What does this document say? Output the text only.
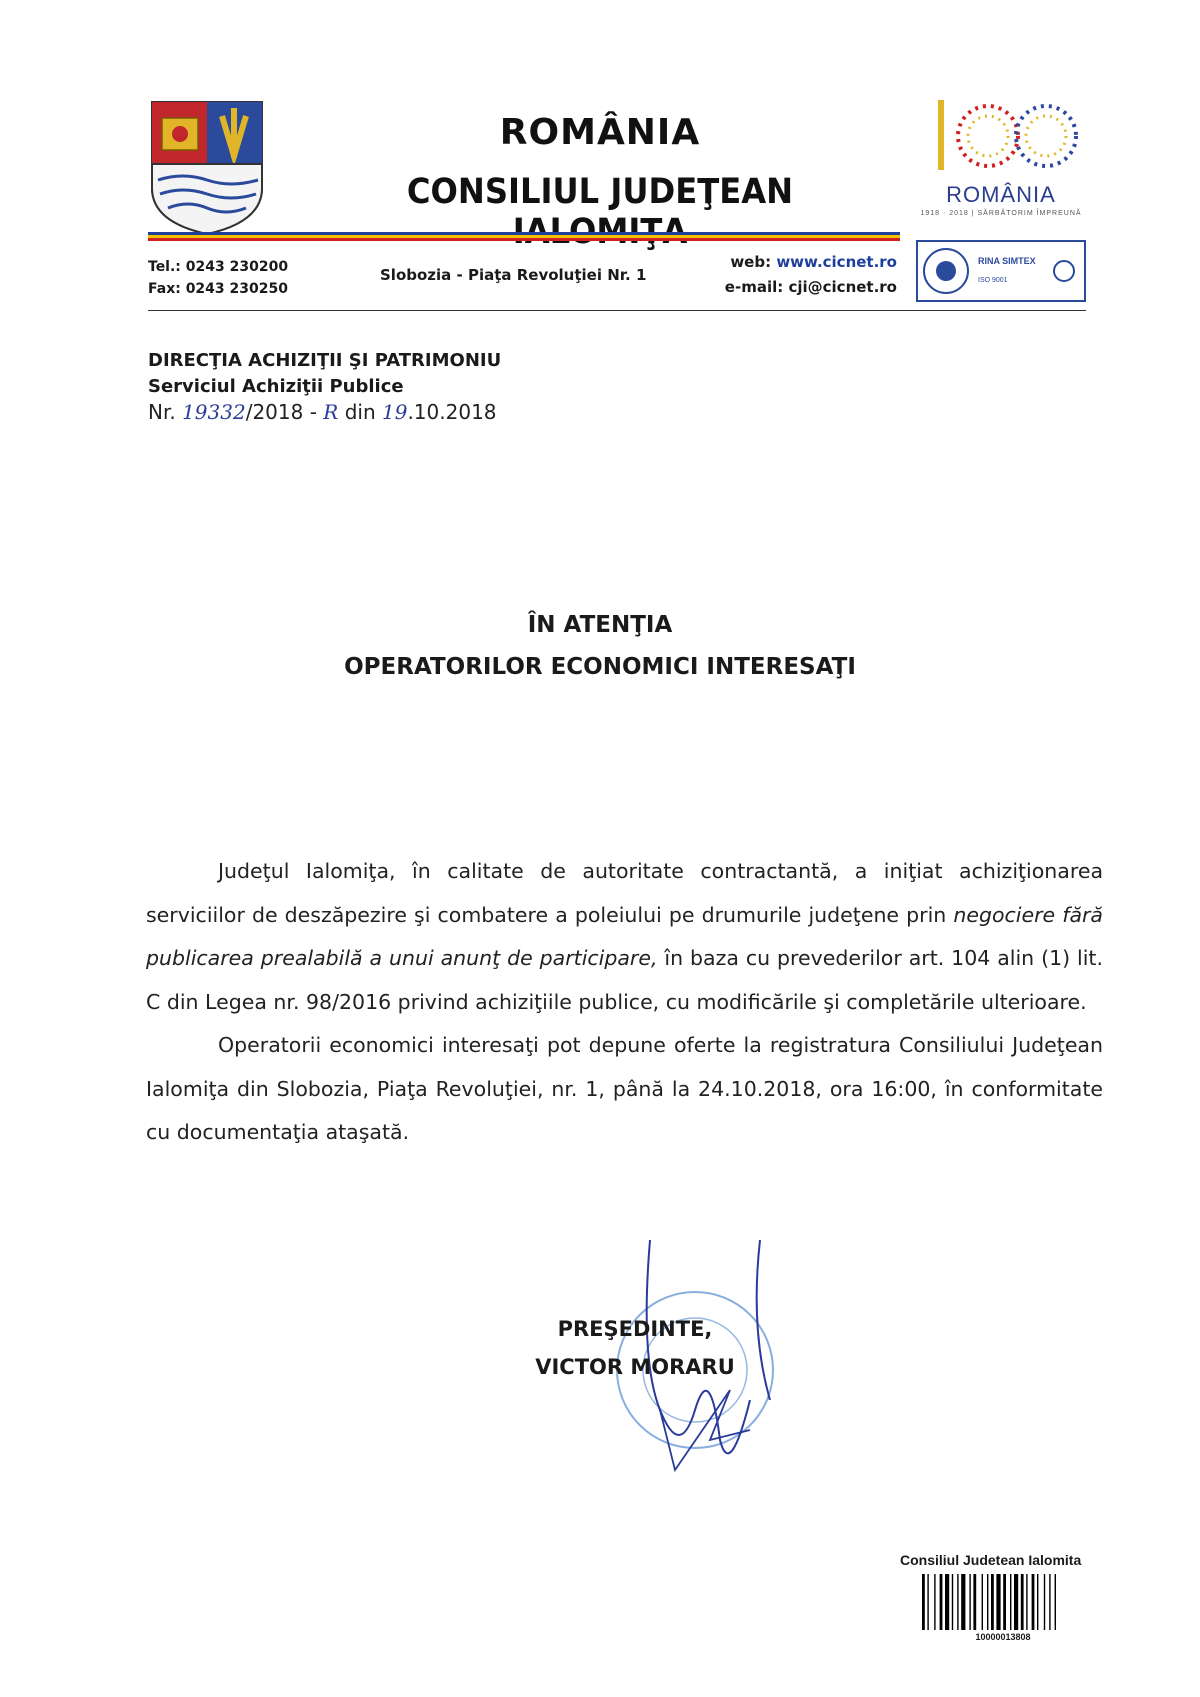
ROMÂNIA
CONSILIUL JUDEŢEAN	ROMÂNIA
1918 · 2018 | SĂRBĂTORIM ÎMPREUNĂ
Tel.: 0243 230200
Fax: 0243 230250
Slobozia - Piaţa Revoluţiei Nr. 1
web: www.cicnet.ro
e-mail: cji@cicnet.ro
RINA SIMTEX
ISO 9001
DIRECŢIA ACHIZIŢII ŞI PATRIMONIU
Serviciul Achiziţii Publice
Nr. 19332/2018 - R din 19.10.2018
ÎN ATENŢIA
OPERATORILOR ECONOMICI INTERESAŢI

Judeţul Ialomiţa, în calitate de autoritate contractantă, a iniţiat achiziţionarea serviciilor de deszăpezire şi combatere a poleiului pe drumurile judeţene prin negociere fără publicarea prealabilă a unui anunţ de participare, în baza cu prevederilor art. 104 alin (1) lit. C din Legea nr. 98/2016 privind achiziţiile publice, cu modificările şi completările ulterioare.

Operatorii economici interesaţi pot depune oferte la registratura Consiliului Judeţean Ialomiţa din Slobozia, Piaţa Revoluţiei, nr. 1, până la 24.10.2018, ora 16:00, în conformitate cu documentaţia ataşată.

PREŞEDINTE,
VICTOR MORARU
Consiliul Judetean Ialomita
10000013808
